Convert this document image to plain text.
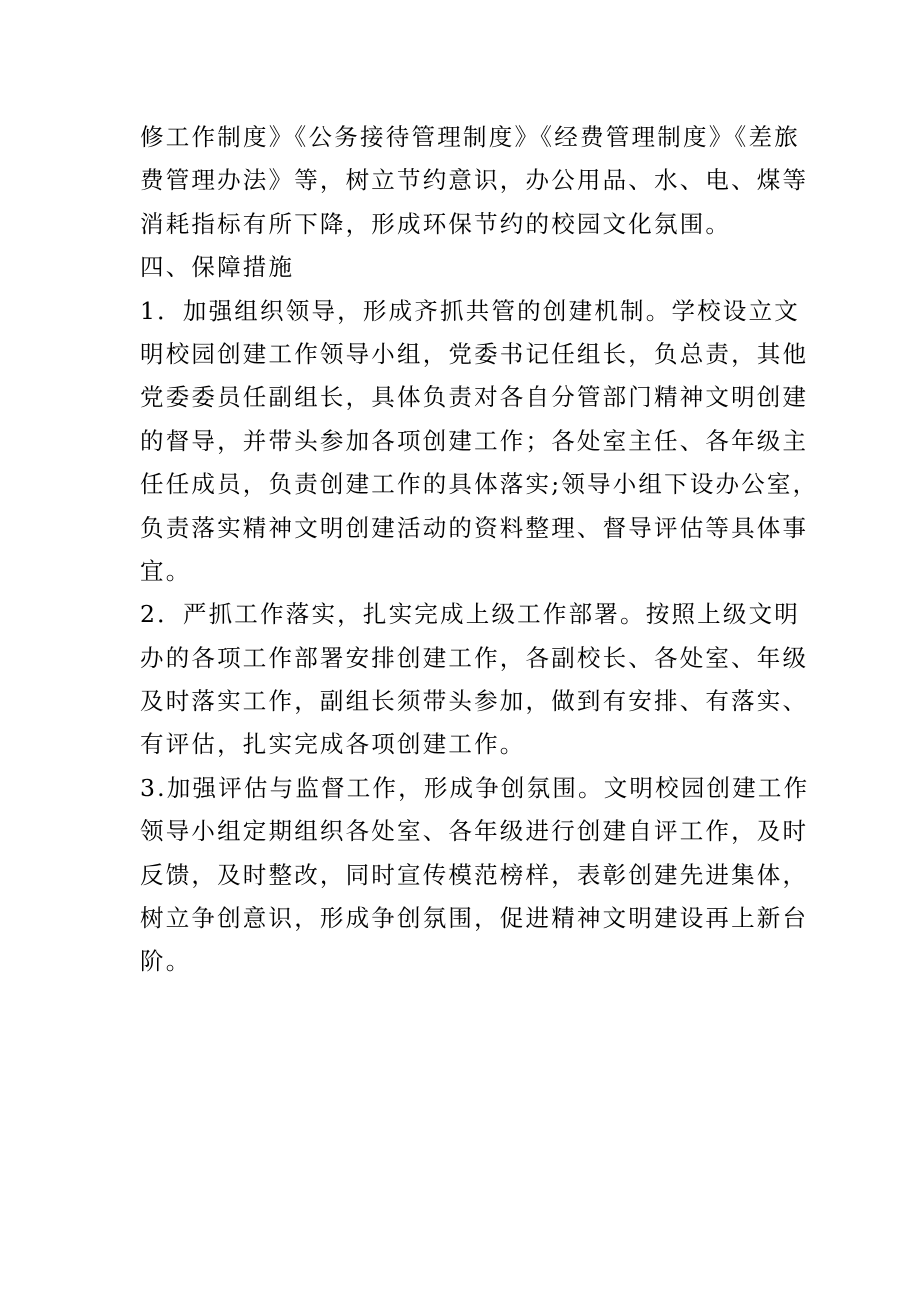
修工作制度》《公务接待管理制度》《经费管理制度》《差旅
费管理办法》等，树立节约意识，办公用品、水、电、煤等
消耗指标有所下降，形成环保节约的校园文化氛围。
四、保障措施
1．加强组织领导，形成齐抓共管的创建机制。学校设立文
明校园创建工作领导小组，党委书记任组长，负总责，其他
党委委员任副组长，具体负责对各自分管部门精神文明创建
的督导，并带头参加各项创建工作；各处室主任、各年级主
任任成员，负责创建工作的具体落实;领导小组下设办公室，
负责落实精神文明创建活动的资料整理、督导评估等具体事
宜。
2．严抓工作落实，扎实完成上级工作部署。按照上级文明
办的各项工作部署安排创建工作，各副校长、各处室、年级
及时落实工作，副组长须带头参加，做到有安排、有落实、
有评估，扎实完成各项创建工作。
3.加强评估与监督工作，形成争创氛围。文明校园创建工作
领导小组定期组织各处室、各年级进行创建自评工作，及时
反馈，及时整改，同时宣传模范榜样，表彰创建先进集体，
树立争创意识，形成争创氛围，促进精神文明建设再上新台
阶。
